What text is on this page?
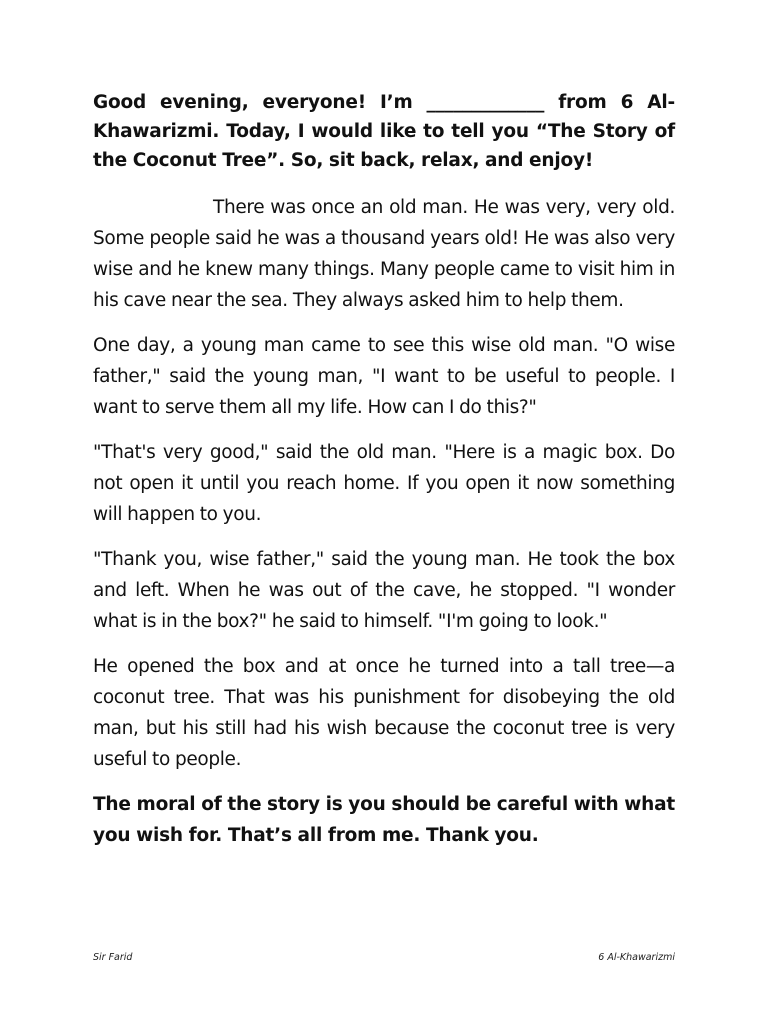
Good evening, everyone! I’m _____________ from 6 Al-Khawarizmi. Today, I would like to tell you “The Story of the Coconut Tree”. So, sit back, relax, and enjoy!

There was once an old man. He was very, very old. Some people said he was a thousand years old! He was also very wise and he knew many things. Many people came to visit him in his cave near the sea. They always asked him to help them.

One day, a young man came to see this wise old man. "O wise father," said the young man, "I want to be useful to people. I want to serve them all my life. How can I do this?"

"That's very good," said the old man. "Here is a magic box. Do not open it until you reach home. If you open it now something will happen to you.

"Thank you, wise father," said the young man. He took the box and left. When he was out of the cave, he stopped. "I wonder what is in the box?" he said to himself. "I'm going to look."

He opened the box and at once he turned into a tall tree—a coconut tree. That was his punishment for disobeying the old man, but his still had his wish because the coconut tree is very useful to people.

The moral of the story is you should be careful with what you wish for. That’s all from me. Thank you.

Sir Farid	6 Al-Khawarizmi
